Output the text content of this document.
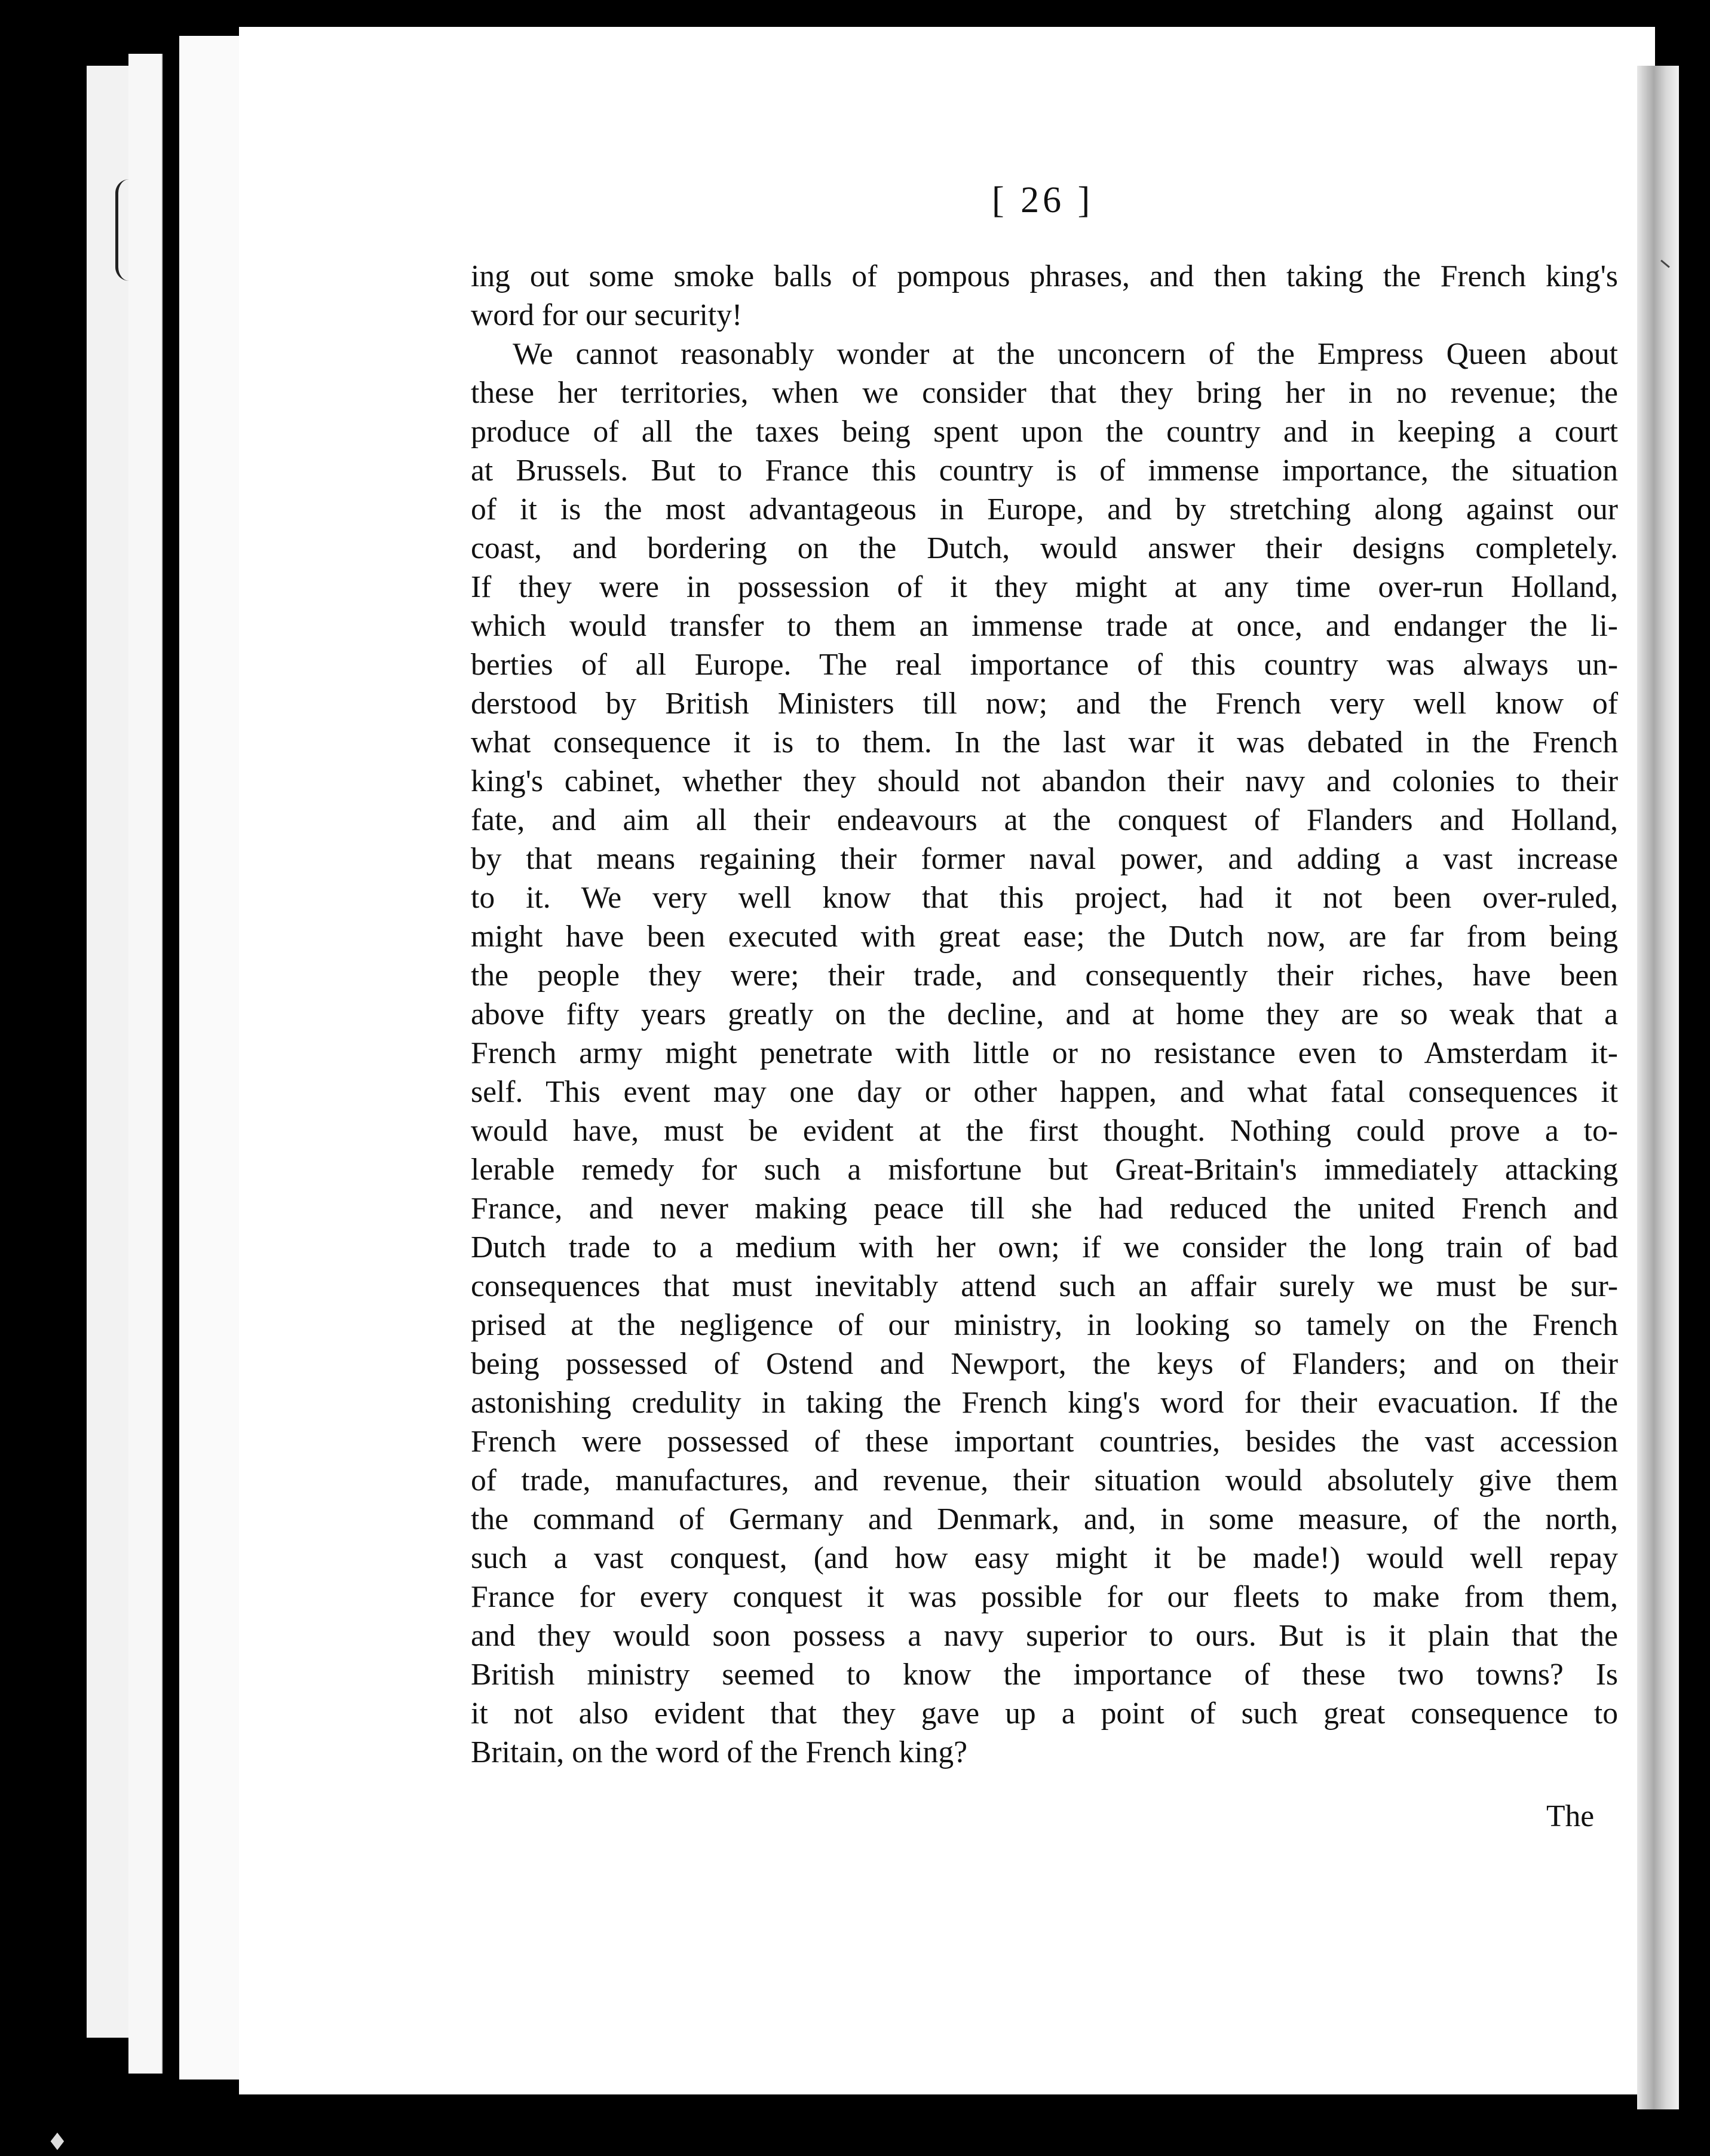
♦
[ 26 ]

ing out some smoke balls of pompous phrases, and then taking the French king's

word for our security!

We cannot reasonably wonder at the unconcern of the Empress Queen about

these her territories, when we consider that they bring her in no revenue; the

produce of all the taxes being spent upon the country and in keeping a court

at Brussels. But to France this country is of immense importance, the situation

of it is the most advantageous in Europe, and by stretching along against our

coast, and bordering on the Dutch, would answer their designs completely.

If they were in possession of it they might at any time over-run Holland,

which would transfer to them an immense trade at once, and endanger the li-

berties of all Europe. The real importance of this country was always un-

derstood by British Ministers till now; and the French very well know of

what consequence it is to them. In the last war it was debated in the French

king's cabinet, whether they should not abandon their navy and colonies to their

fate, and aim all their endeavours at the conquest of Flanders and Holland,

by that means regaining their former naval power, and adding a vast increase

to it. We very well know that this project, had it not been over-ruled,

might have been executed with great ease; the Dutch now, are far from being

the people they were; their trade, and consequently their riches, have been

above fifty years greatly on the decline, and at home they are so weak that a

French army might penetrate with little or no resistance even to Amsterdam it-

self. This event may one day or other happen, and what fatal consequences it

would have, must be evident at the first thought. Nothing could prove a to-

lerable remedy for such a misfortune but Great-Britain's immediately attacking

France, and never making peace till she had reduced the united French and

Dutch trade to a medium with her own; if we consider the long train of bad

consequences that must inevitably attend such an affair surely we must be sur-

prised at the negligence of our ministry, in looking so tamely on the French

being possessed of Ostend and Newport, the keys of Flanders; and on their

astonishing credulity in taking the French king's word for their evacuation. If the

French were possessed of these important countries, besides the vast accession

of trade, manufactures, and revenue, their situation would absolutely give them

the command of Germany and Denmark, and, in some measure, of the north,

such a vast conquest, (and how easy might it be made!) would well repay

France for every conquest it was possible for our fleets to make from them,

and they would soon possess a navy superior to ours. But is it plain that the

British ministry seemed to know the importance of these two towns? Is

it not also evident that they gave up a point of such great consequence to

Britain, on the word of the French king?

The
